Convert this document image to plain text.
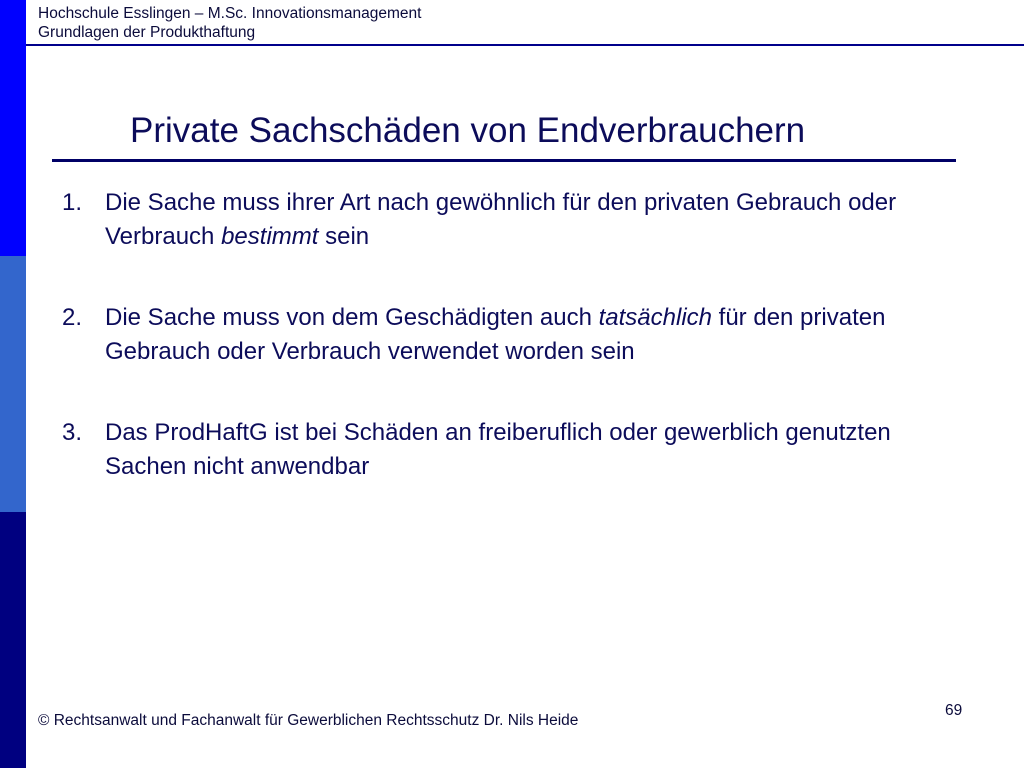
Hochschule Esslingen – M.Sc. Innovationsmanagement
Grundlagen der Produkthaftung
Private Sachschäden von Endverbrauchern
1. Die Sache muss ihrer Art nach gewöhnlich für den privaten Gebrauch oder Verbrauch bestimmt sein
2. Die Sache muss von dem Geschädigten auch tatsächlich für den privaten Gebrauch oder Verbrauch verwendet worden sein
3. Das ProdHaftG ist bei Schäden an freiberuflich oder gewerblich genutzten Sachen nicht anwendbar
© Rechtsanwalt und Fachanwalt für Gewerblichen Rechtsschutz Dr. Nils Heide
69
